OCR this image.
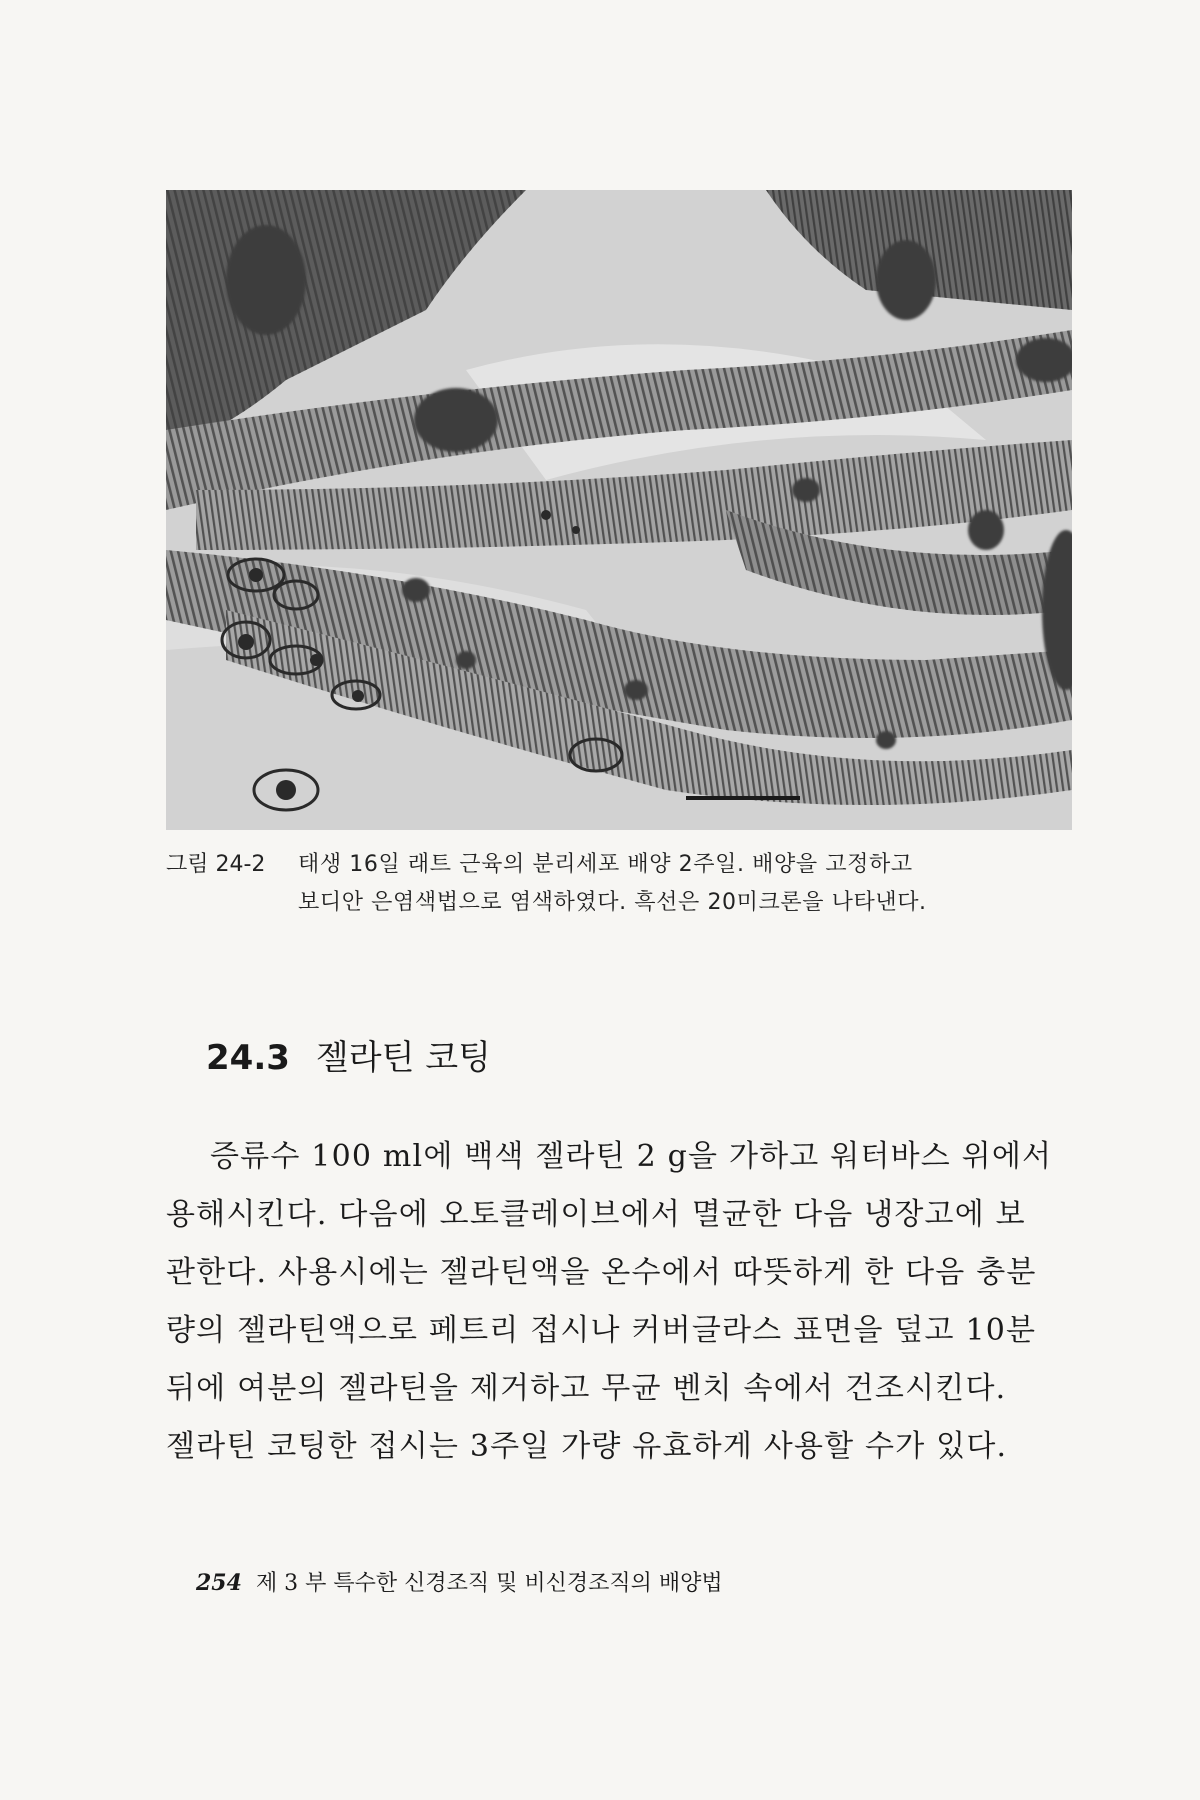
그림 24-2	태생 16일 래트 근육의 분리세포 배양 2주일. 배양을 고정하고
보디안 은염색법으로 염색하였다. 흑선은 20미크론을 나타낸다.
24.3 젤라틴 코팅
증류수 100 ml에 백색 젤라틴 2 g을 가하고 워터바스 위에서
용해시킨다. 다음에 오토클레이브에서 멸균한 다음 냉장고에 보
관한다. 사용시에는 젤라틴액을 온수에서 따뜻하게 한 다음 충분
량의 젤라틴액으로 페트리 접시나 커버글라스 표면을 덮고 10분
뒤에 여분의 젤라틴을 제거하고 무균 벤치 속에서 건조시킨다.
젤라틴 코팅한 접시는 3주일 가량 유효하게 사용할 수가 있다.
254 제 3 부 특수한 신경조직 및 비신경조직의 배양법
